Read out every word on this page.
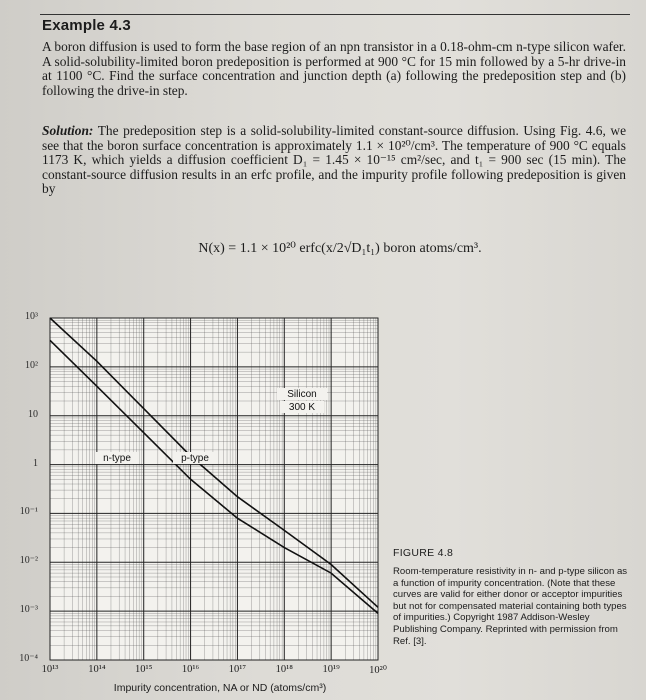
Example 4.3
A boron diffusion is used to form the base region of an npn transistor in a 0.18-ohm-cm n-type silicon wafer. A solid-solubility-limited boron predeposition is performed at 900 °C for 15 min followed by a 5-hr drive-in at 1100 °C. Find the surface concentration and junction depth (a) following the predeposition step and (b) following the drive-in step.
Solution: The predeposition step is a solid-solubility-limited constant-source diffusion. Using Fig. 4.6, we see that the boron surface concentration is approximately 1.1 × 10²⁰/cm³. The temperature of 900 °C equals 1173 K, which yields a diffusion coefficient D₁ = 1.45 × 10⁻¹⁵ cm²/sec, and t₁ = 900 sec (15 min). The constant-source diffusion results in an erfc profile, and the impurity profile following predeposition is given by
N(x) = 1.1 × 10²⁰ erfc(x/2√D₁t₁) boron atoms/cm³.
n-type	p-type
Silicon
300 K
10³
10²
10
1
10⁻¹
10⁻²
10⁻³
10⁻⁴
10¹³	10¹⁴	10¹⁵	10¹⁶	10¹⁷	10¹⁸	10¹⁹	10²⁰
Impurity concentration, NA or ND (atoms/cm³)
FIGURE 4.8
Room-temperature resistivity in n- and p-type silicon as a function of impurity concentration. (Note that these curves are valid for either donor or acceptor impurities but not for compensated material containing both types of impurities.) Copyright 1987 Addison-Wesley Publishing Company. Reprinted with permission from Ref. [3].
